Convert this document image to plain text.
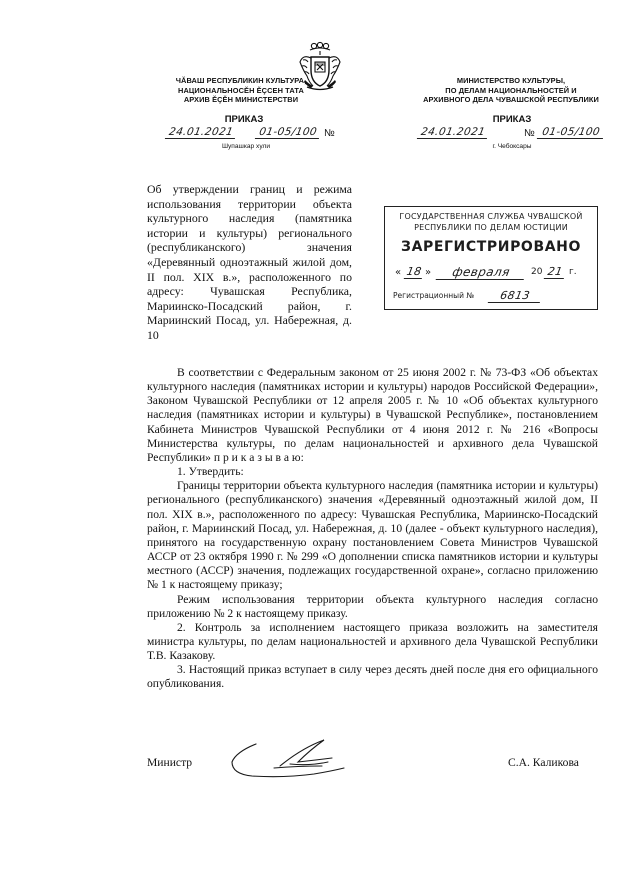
ЧĂВАШ РЕСПУБЛИКИН КУЛЬТУРА,
НАЦИОНАЛЬНОСĔН ĔÇСЕН ТАТА
АРХИВ ĔÇĔН МИНИСТЕРСТВИ
МИНИСТЕРСТВО КУЛЬТУРЫ,
ПО ДЕЛАМ НАЦИОНАЛЬНОСТЕЙ И
АРХИВНОГО ДЕЛА ЧУВАШСКОЙ РЕСПУБЛИКИ
ПРИКАЗ
24.01.2021	01-05/100 №
Шупашкар хули
ПРИКАЗ
24.01.2021	№ 01-05/100
г. Чебоксары
Об утверждении границ и режима использования территории объекта культурного наследия (памятника истории и культуры) регионального (республиканского) значения «Деревянный одноэтажный жилой дом, II пол. XIX в.», расположенного по адресу: Чувашская Республика, Мариинско-Посадский район, г. Мариинский Посад, ул. Набережная, д. 10
ГОСУДАРСТВЕННАЯ СЛУЖБА ЧУВАШСКОЙ
РЕСПУБЛИКИ ПО ДЕЛАМ ЮСТИЦИИ
ЗАРЕГИСТРИРОВАНО
« 18 »	февраля	20 21 г.
Регистрационный №	6813

В соответствии с Федеральным законом от 25 июня 2002 г. № 73-ФЗ «Об объектах культурного наследия (памятниках истории и культуры) народов Российской Федерации», Законом Чувашской Республики от 12 апреля 2005 г. № 10 «Об объектах культурного наследия (памятниках истории и культуры) в Чувашской Республике», постановлением Кабинета Министров Чувашской Республики от 4 июня 2012 г. № 216 «Вопросы Министерства культуры, по делам национальностей и архивного дела Чувашской Республики» п р и к а з ы в а ю:

1. Утвердить:

Границы территории объекта культурного наследия (памятника истории и культуры) регионального (республиканского) значения «Деревянный одноэтажный жилой дом, II пол. XIX в.», расположенного по адресу: Чувашская Республика, Мариинско-Посадский район, г. Мариинский Посад, ул. Набережная, д. 10 (далее - объект культурного наследия), принятого на государственную охрану постановлением Совета Министров Чувашской АССР от 23 октября 1990 г. № 299 «О дополнении списка памятников истории и культуры местного (АССР) значения, подлежащих государственной охране», согласно приложению № 1 к настоящему приказу;

Режим использования территории объекта культурного наследия согласно приложению № 2 к настоящему приказу.

2. Контроль за исполнением настоящего приказа возложить на заместителя министра культуры, по делам национальностей и архивного дела Чувашской Республики Т.В. Казакову.

3. Настоящий приказ вступает в силу через десять дней после дня его официального опубликования.

Министр	С.А. Каликова
